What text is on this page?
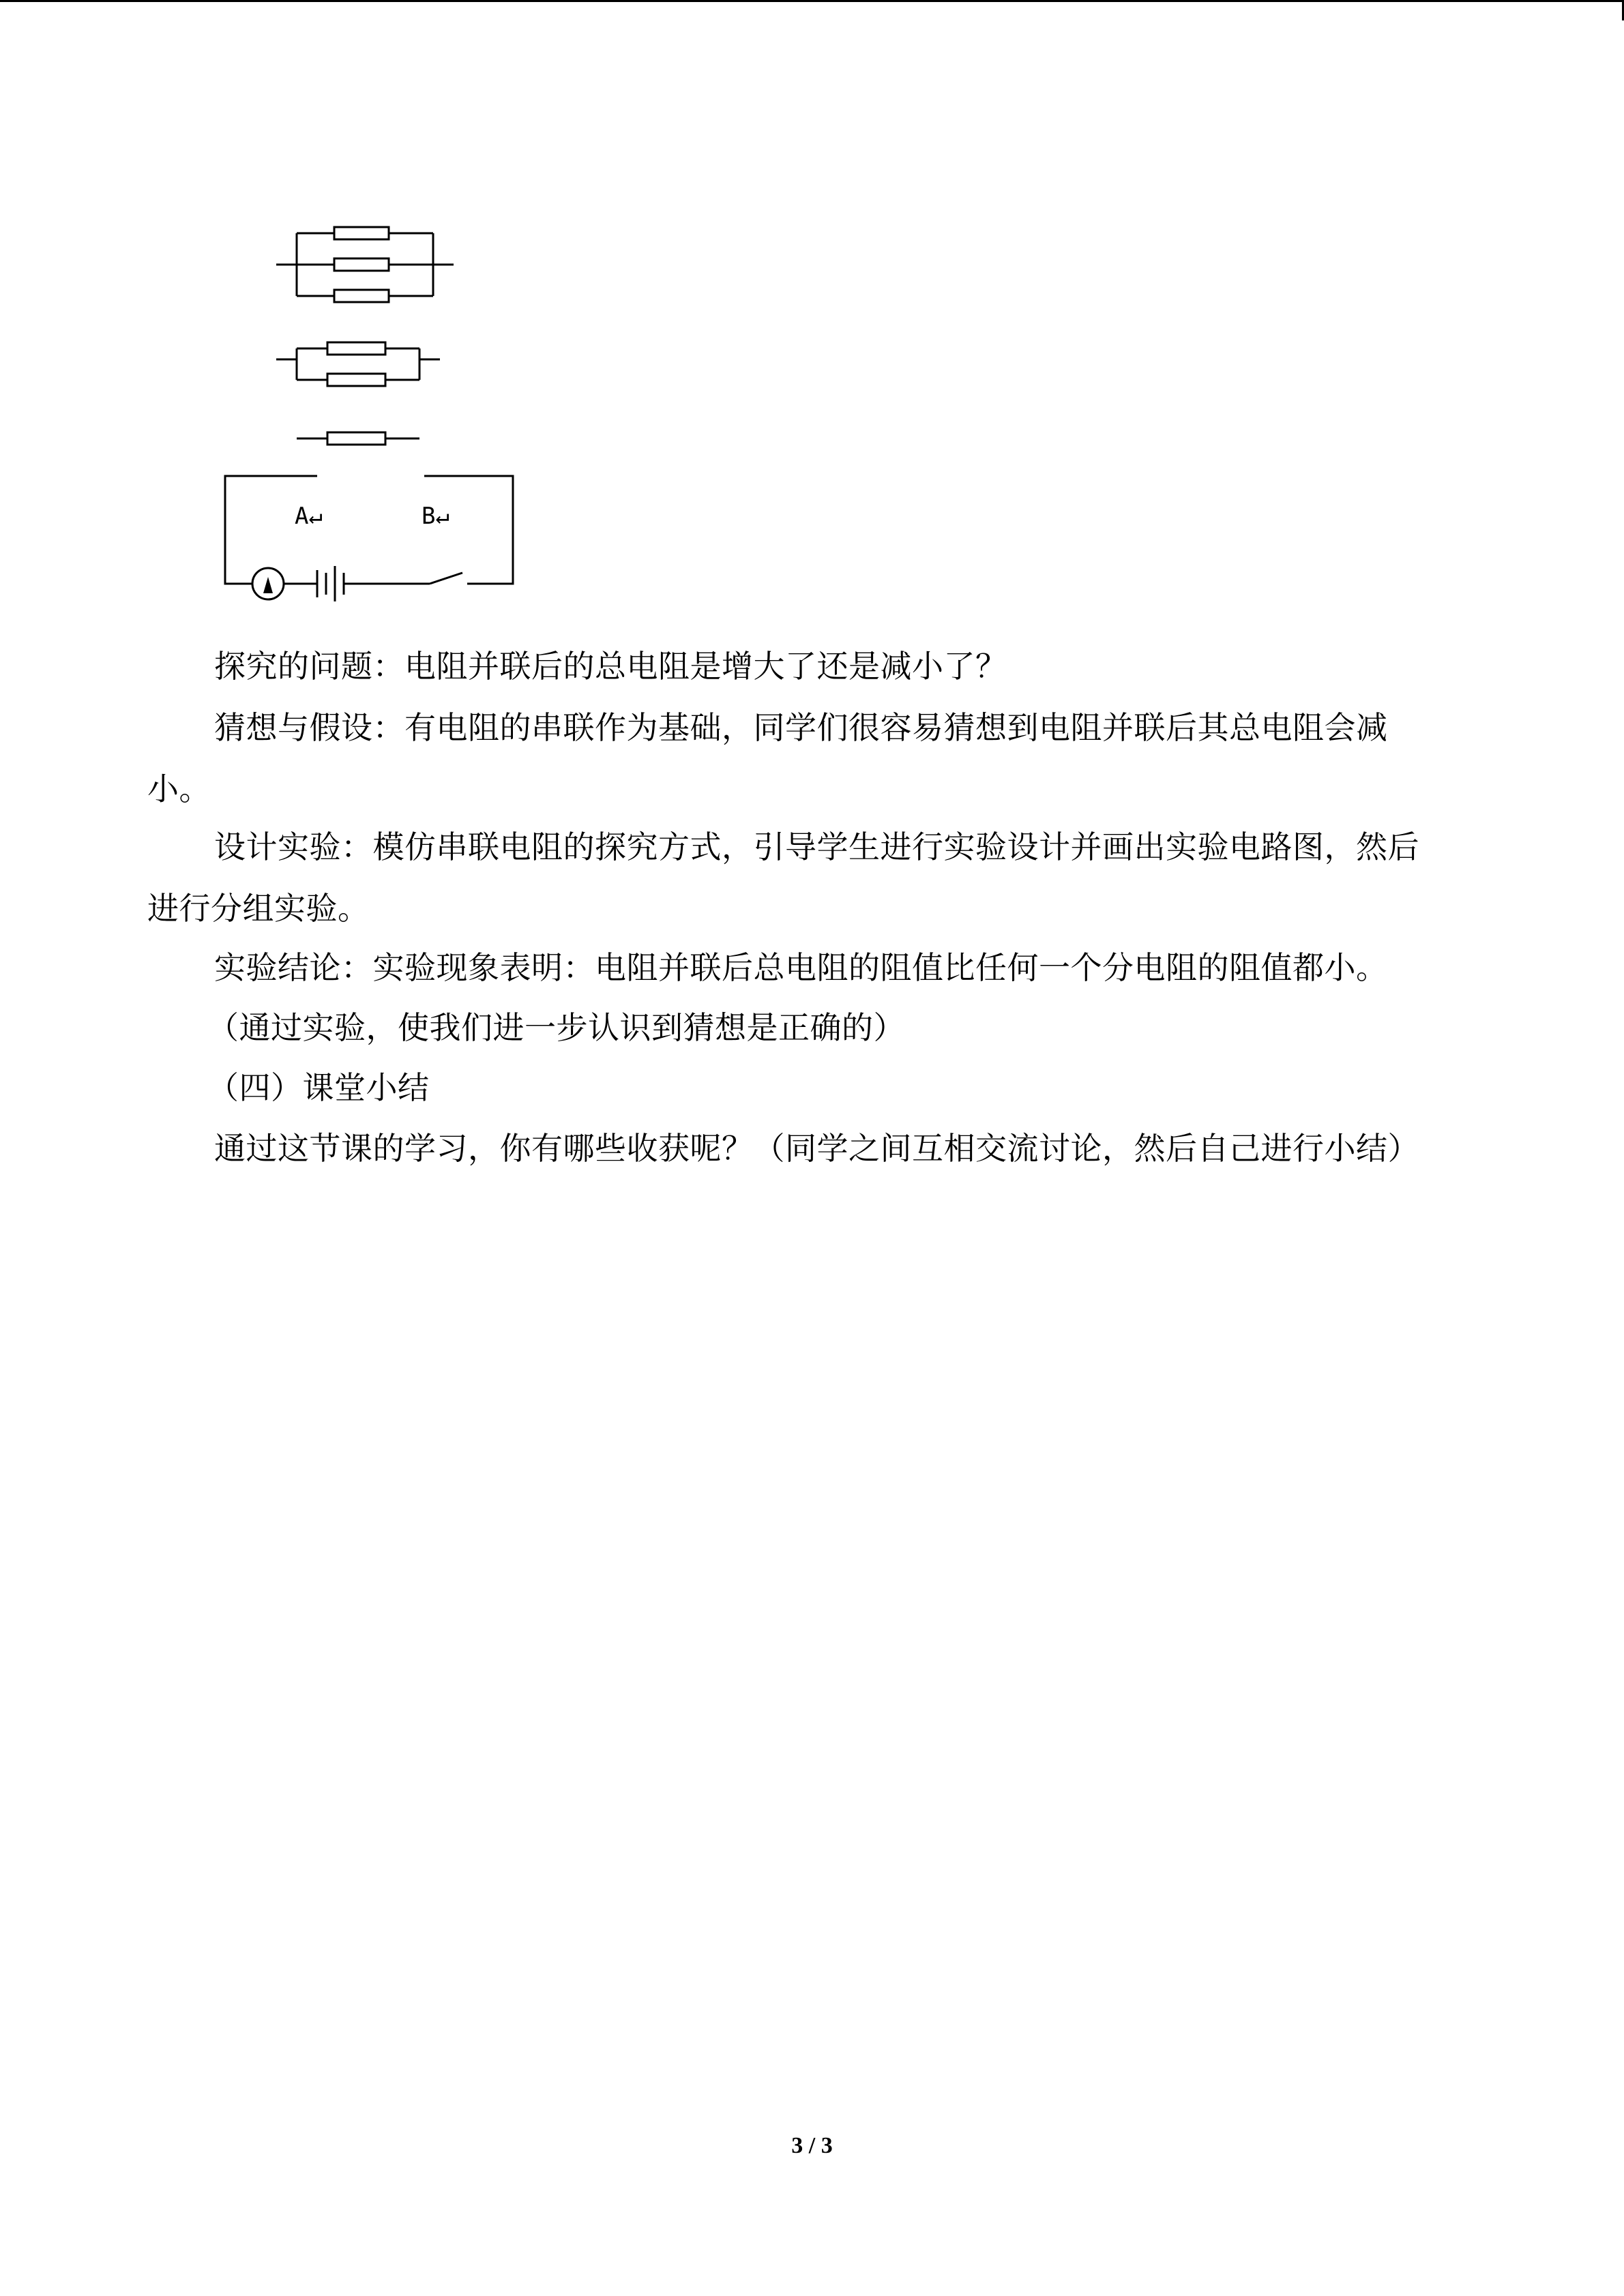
A↵	B↵
探究的问题：电阻并联后的总电阻是增大了还是减小了？
猜想与假设：有电阻的串联作为基础，同学们很容易猜想到电阻并联后其总电阻会减
小。
设计实验：模仿串联电阻的探究方式，引导学生进行实验设计并画出实验电路图，然后
进行分组实验。
实验结论：实验现象表明：电阻并联后总电阻的阻值比任何一个分电阻的阻值都小。
（通过实验，使我们进一步认识到猜想是正确的）
（四）课堂小结
通过这节课的学习，你有哪些收获呢？（同学之间互相交流讨论，然后自己进行小结）
3 / 3
